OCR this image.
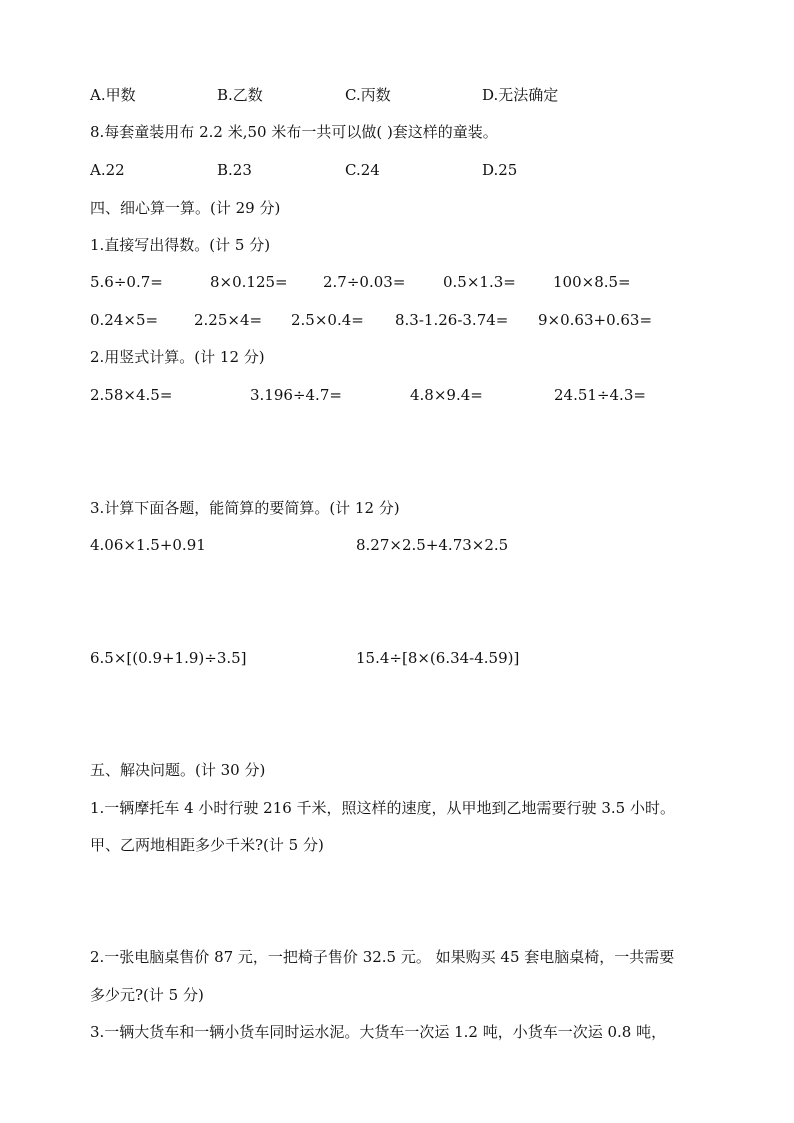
A.甲数	B.乙数	C.丙数	D.无法确定
8.每套童装用布 2.2 米,50 米布一共可以做( )套这样的童装。
A.22	B.23	C.24	D.25
四、细心算一算。(计 29 分)
1.直接写出得数。(计 5 分)
5.6÷0.7=	8×0.125= 2.7÷0.03=	0.5×1.3= 100×8.5=
0.24×5= 2.25×4= 2.5×0.4= 8.3-1.26-3.74= 9×0.63+0.63=
2.用竖式计算。(计 12 分)
2.58×4.5=	3.196÷4.7=	4.8×9.4=	24.51÷4.3=
3.计算下面各题，能简算的要简算。(计 12 分)
4.06×1.5+0.91	8.27×2.5+4.73×2.5
6.5×[(0.9+1.9)÷3.5]	15.4÷[8×(6.34-4.59)]
五、解决问题。(计 30 分)
1.一辆摩托车 4 小时行驶 216 千米，照这样的速度，从甲地到乙地需要行驶 3.5 小时。
甲、乙两地相距多少千米?(计 5 分)
2.一张电脑桌售价 87 元，一把椅子售价 32.5 元。 如果购买 45 套电脑桌椅，一共需要
多少元?(计 5 分)
3.一辆大货车和一辆小货车同时运水泥。大货车一次运 1.2 吨，小货车一次运 0.8 吨，
